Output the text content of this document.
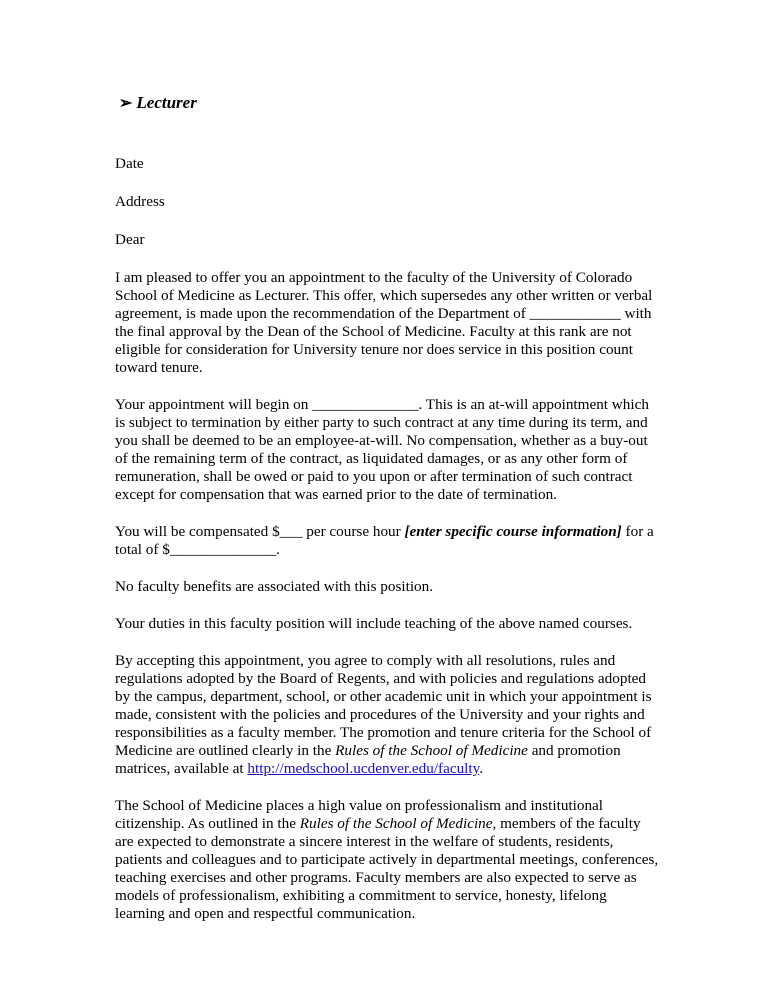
➢ Lecturer

Date

Address

Dear

I am pleased to offer you an appointment to the faculty of the University of Colorado School of Medicine as Lecturer. This offer, which supersedes any other written or verbal agreement, is made upon the recommendation of the Department of ____________ with the final approval by the Dean of the School of Medicine. Faculty at this rank are not eligible for consideration for University tenure nor does service in this position count toward tenure.

Your appointment will begin on ______________. This is an at-will appointment which is subject to termination by either party to such contract at any time during its term, and you shall be deemed to be an employee-at-will. No compensation, whether as a buy-out of the remaining term of the contract, as liquidated damages, or as any other form of remuneration, shall be owed or paid to you upon or after termination of such contract except for compensation that was earned prior to the date of termination.

You will be compensated $___ per course hour [enter specific course information] for a total of $______________.

No faculty benefits are associated with this position.

Your duties in this faculty position will include teaching of the above named courses.

By accepting this appointment, you agree to comply with all resolutions, rules and regulations adopted by the Board of Regents, and with policies and regulations adopted by the campus, department, school, or other academic unit in which your appointment is made, consistent with the policies and procedures of the University and your rights and responsibilities as a faculty member. The promotion and tenure criteria for the School of Medicine are outlined clearly in the Rules of the School of Medicine and promotion matrices, available at http://medschool.ucdenver.edu/faculty.

The School of Medicine places a high value on professionalism and institutional citizenship. As outlined in the Rules of the School of Medicine, members of the faculty are expected to demonstrate a sincere interest in the welfare of students, residents, patients and colleagues and to participate actively in departmental meetings, conferences, teaching exercises and other programs. Faculty members are also expected to serve as models of professionalism, exhibiting a commitment to service, honesty, lifelong learning and open and respectful communication.
